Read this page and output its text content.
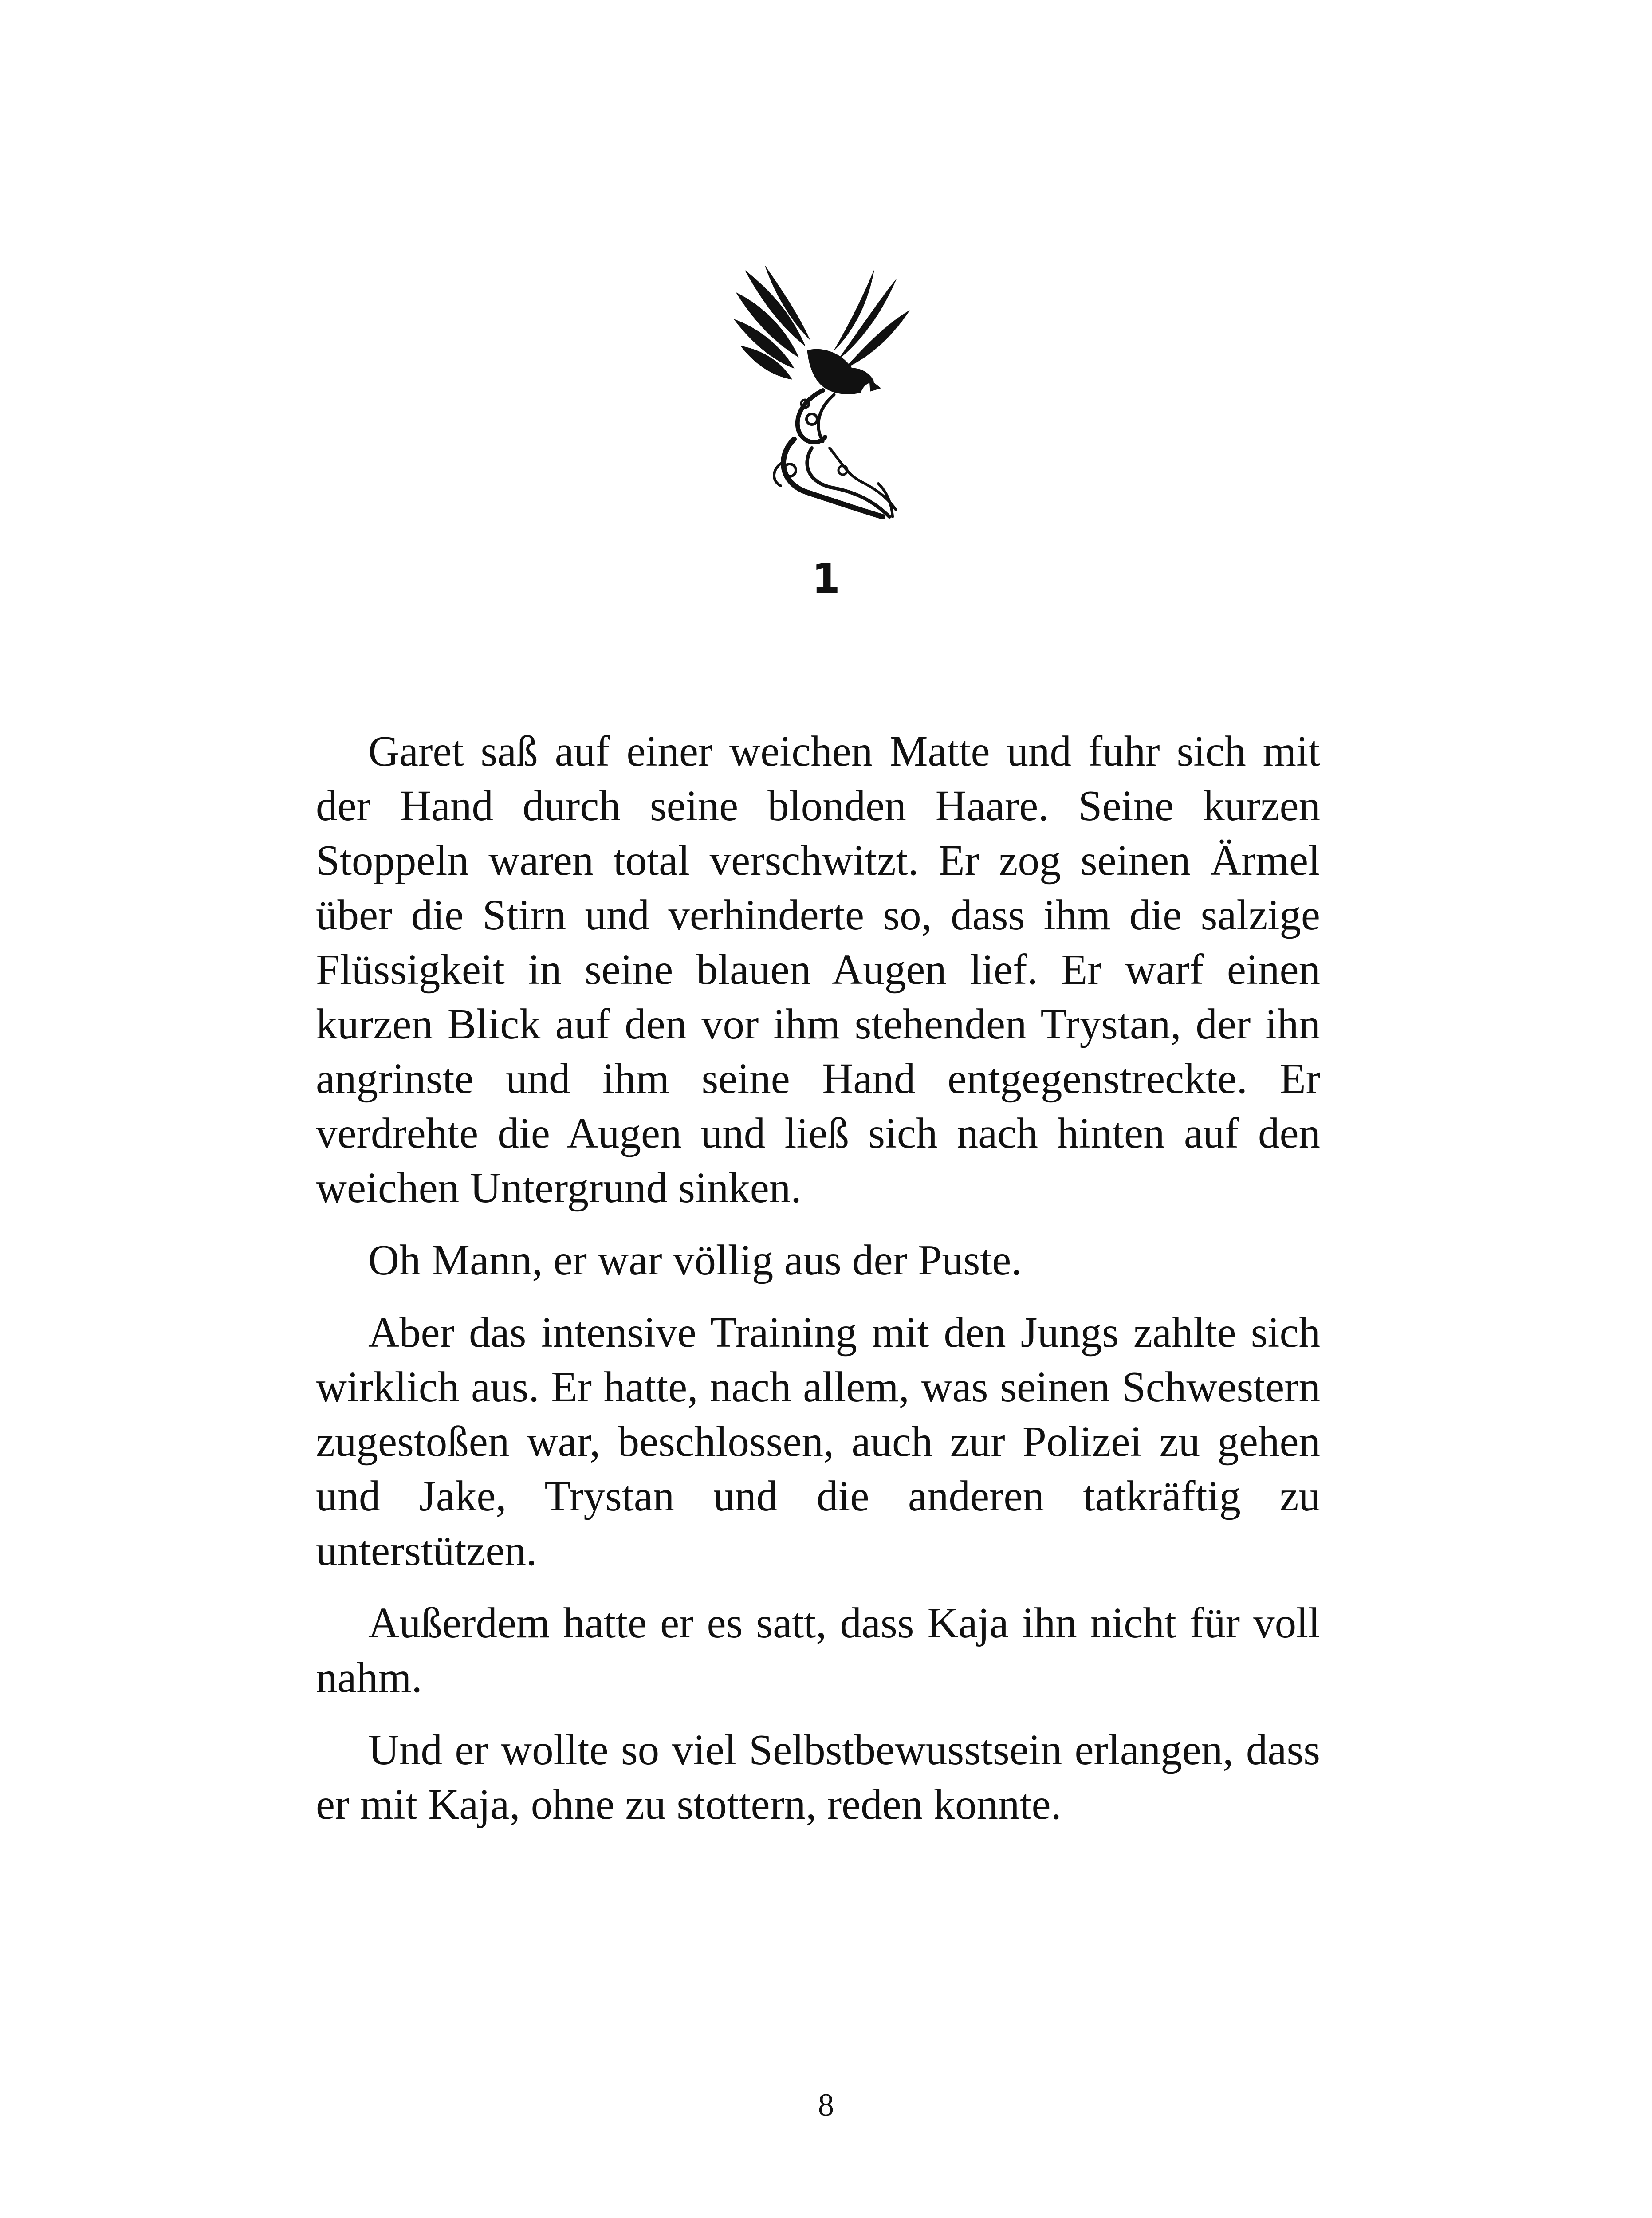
1

Garet saß auf einer weichen Matte und fuhr sich mit der Hand durch seine blonden Haare. Seine kurzen Stoppeln waren total verschwitzt. Er zog seinen Ärmel über die Stirn und verhinderte so, dass ihm die salzige Flüssigkeit in seine blauen Augen lief. Er warf einen kurzen Blick auf den vor ihm stehenden Trystan, der ihn angrinste und ihm seine Hand entgegenstreckte. Er verdrehte die Augen und ließ sich nach hinten auf den weichen Untergrund sinken.

Oh Mann, er war völlig aus der Puste.

Aber das intensive Training mit den Jungs zahlte sich wirklich aus. Er hatte, nach allem, was seinen Schwestern zugestoßen war, beschlossen, auch zur Polizei zu gehen und Jake, Trystan und die anderen tatkräftig zu unterstützen.

Außerdem hatte er es satt, dass Kaja ihn nicht für voll nahm.

Und er wollte so viel Selbstbewusstsein erlangen, dass er mit Kaja, ohne zu stottern, reden konnte.

8
